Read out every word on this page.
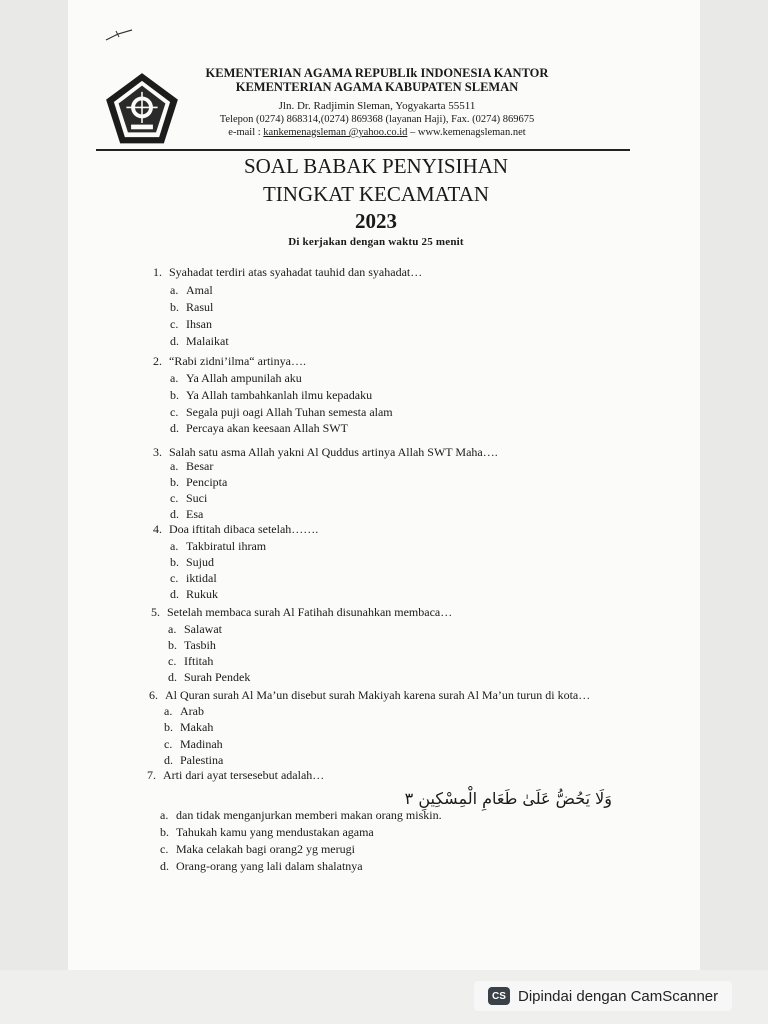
KEMENTERIAN AGAMA REPUBLIk INDONESIA KANTOR
KEMENTERIAN AGAMA KABUPATEN SLEMAN
Jln. Dr. Radjimin Sleman, Yogyakarta 55511
Telepon (0274) 868314,(0274) 869368 (layanan Haji), Fax. (0274) 869675
e-mail : kankemenagsleman @yahoo.co.id – www.kemenagsleman.net
SOAL BABAK PENYISIHAN
TINGKAT KECAMATAN
2023
Di kerjakan dengan waktu 25 menit
1. Syahadat terdiri atas syahadat tauhid dan syahadat…
a. Amal
b. Rasul
c. Ihsan
d. Malaikat
2. “Rabi zidni’ilma“ artinya….
a. Ya Allah ampunilah aku
b. Ya Allah tambahkanlah ilmu kepadaku
c. Segala puji oagi Allah Tuhan semesta alam
d. Percaya akan keesaan Allah SWT
3. Salah satu asma Allah yakni Al Quddus artinya Allah SWT Maha….
a. Besar
b. Pencipta
c. Suci
d. Esa
4. Doa iftitah dibaca setelah…….
a. Takbiratul ihram
b. Sujud
c. iktidal
d. Rukuk
5. Setelah membaca surah Al Fatihah disunahkan membaca…
a. Salawat
b. Tasbih
c. Iftitah
d. Surah Pendek
6. Al Quran surah Al Ma’un disebut surah Makiyah karena surah Al Ma’un turun di kota…
a. Arab
b. Makah
c. Madinah
d. Palestina
7. Arti dari ayat tersesebut adalah…
a. dan tidak menganjurkan memberi makan orang miskin.
b. Tahukah kamu yang mendustakan agama
c. Maka celakah bagi orang2 yg merugi
d. Orang-orang yang lali dalam shalatnya
وَلَا يَحُضُّ عَلَىٰ طَعَامِ الْمِسْكِينِ ٣
CS Dipindai dengan CamScanner
